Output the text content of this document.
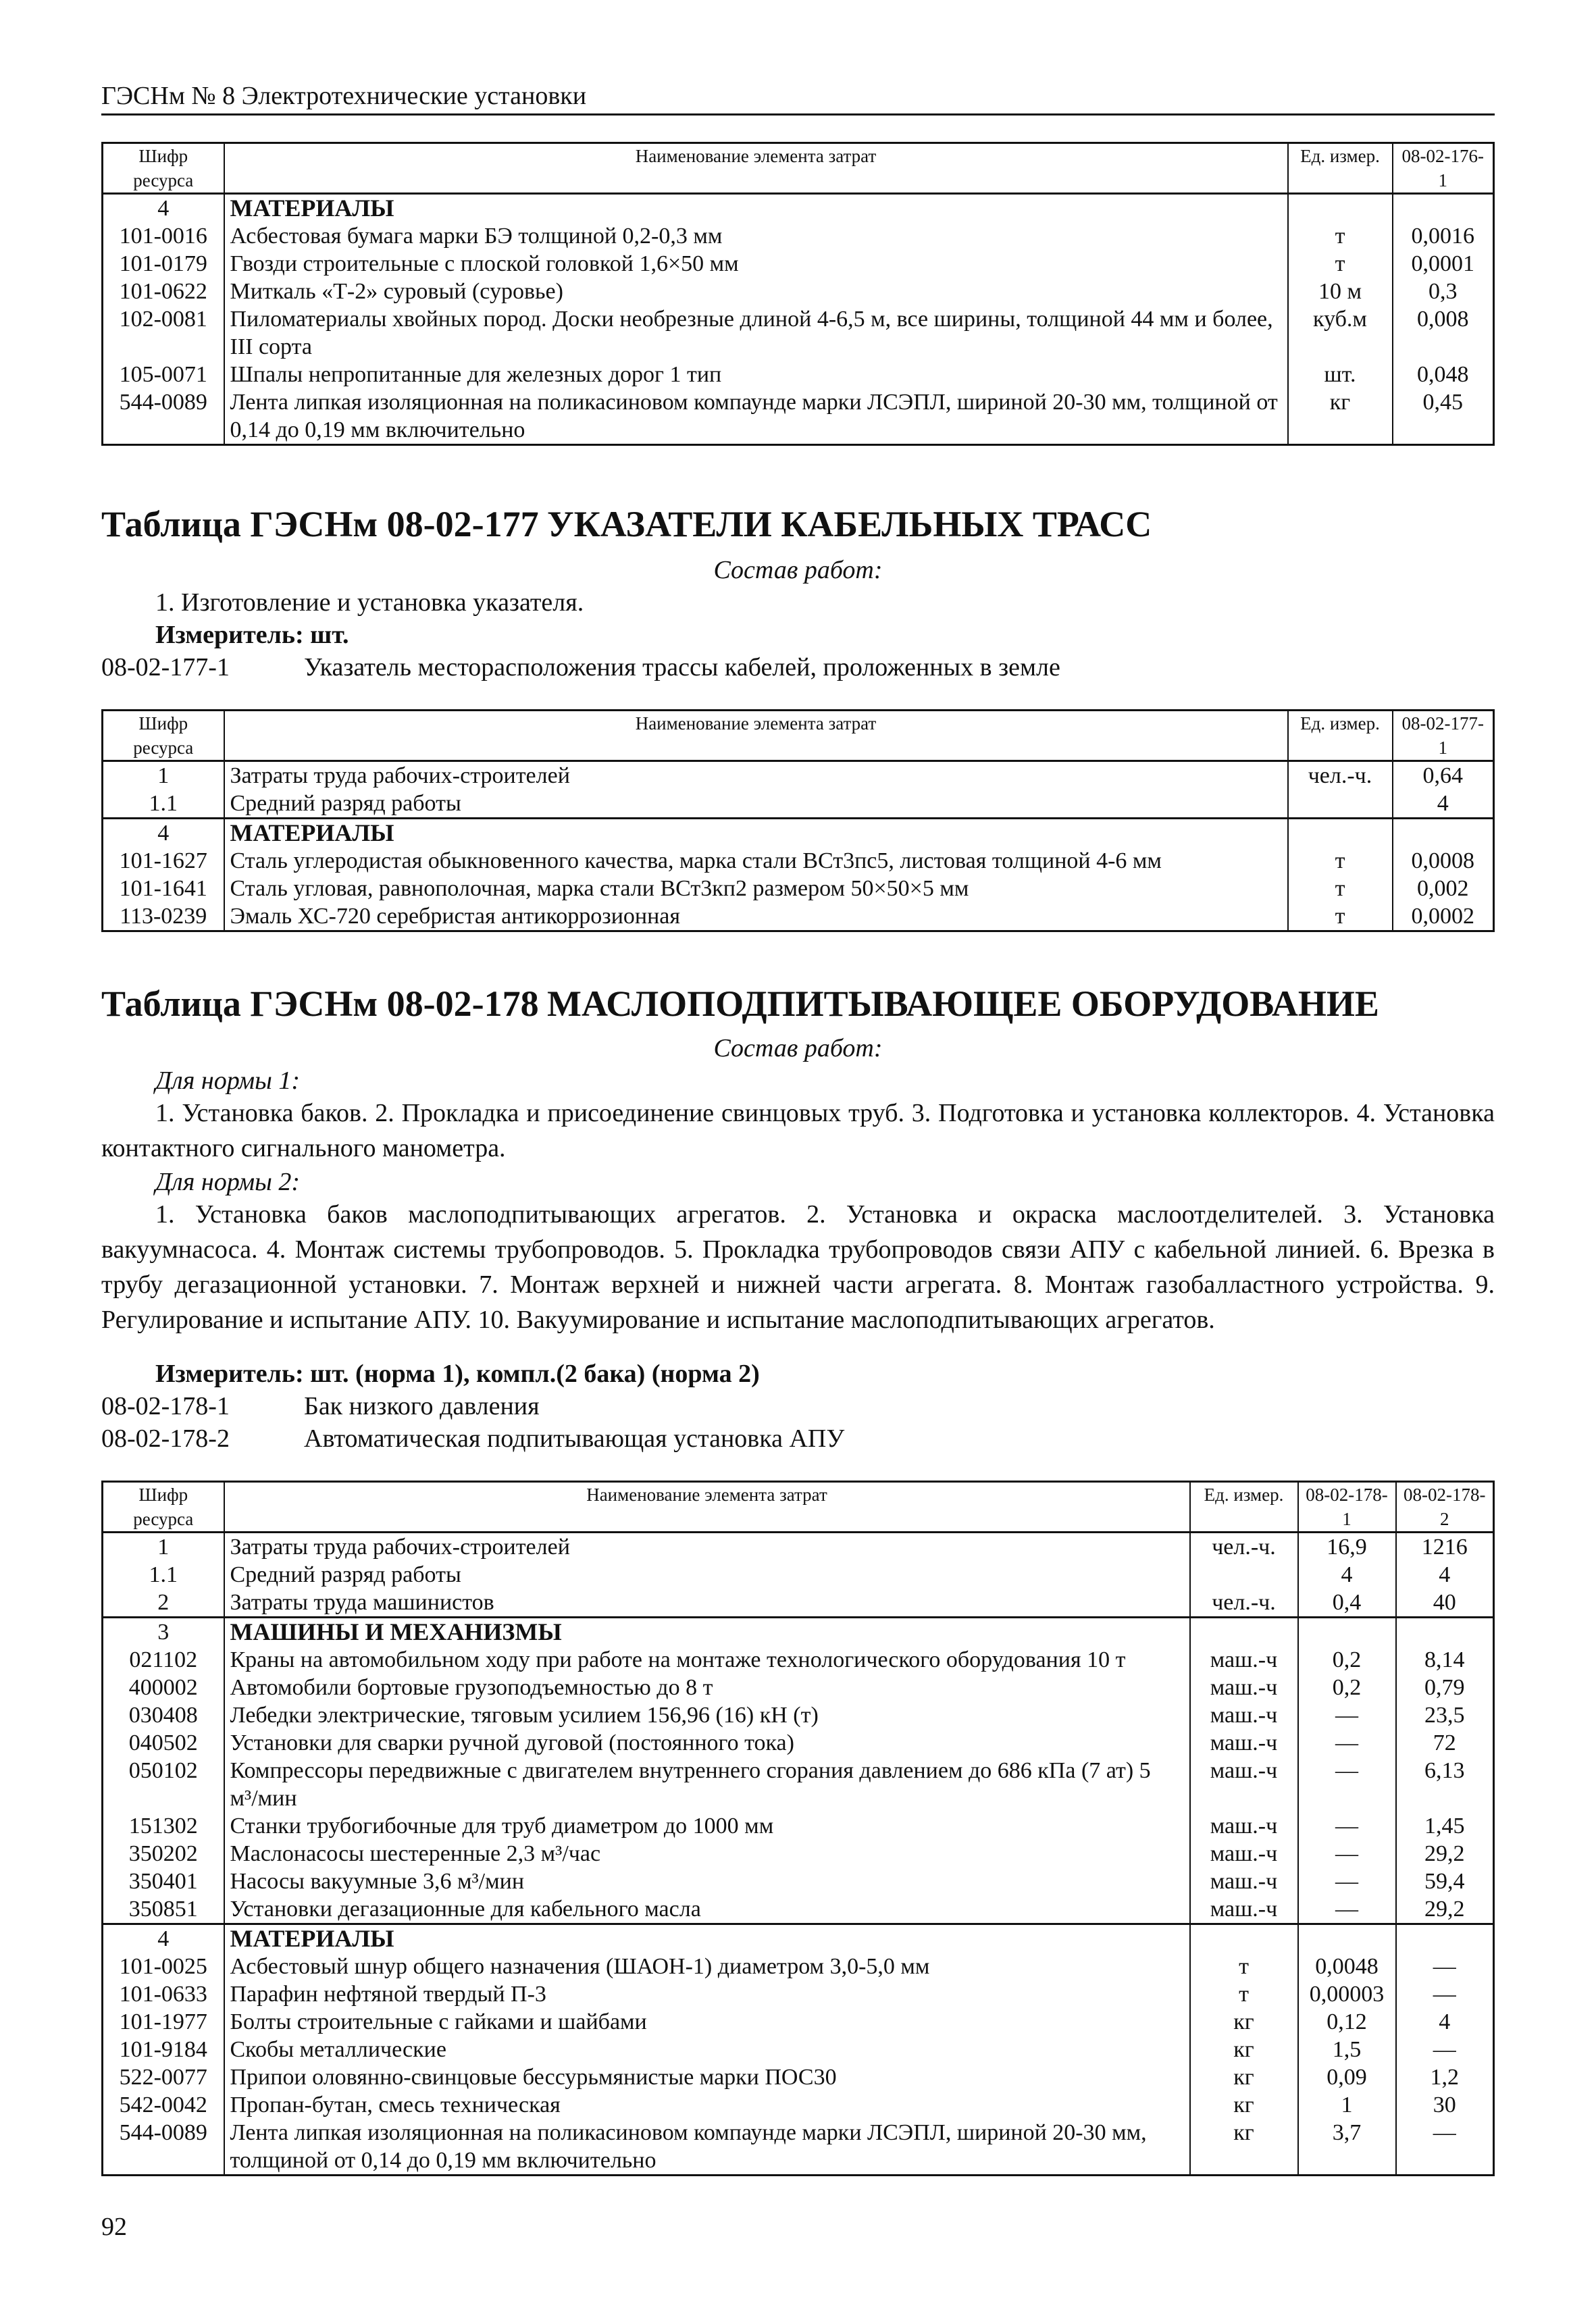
ГЭСНм № 8 Электротехнические установки
Шифр ресурса	Наименование элемента затрат	Ед. измер.	08-02-176-1
4	МАТЕРИАЛЫ		
101-0016	Асбестовая бумага марки БЭ толщиной 0,2-0,3 мм	т	0,0016
101-0179	Гвозди строительные с плоской головкой 1,6×50 мм	т	0,0001
101-0622	Миткаль «Т-2» суровый (суровье)	10 м	0,3
102-0081	Пиломатериалы хвойных пород. Доски необрезные длиной 4-6,5 м, все ширины, толщиной 44 мм и более, III сорта	куб.м	0,008
105-0071	Шпалы непропитанные для железных дорог 1 тип	шт.	0,048
544-0089	Лента липкая изоляционная на поликасиновом компаунде марки ЛСЭПЛ, шириной 20-30 мм, толщиной от 0,14 до 0,19 мм включительно	кг	0,45
Таблица ГЭСНм 08-02-177 УКАЗАТЕЛИ КАБЕЛЬНЫХ ТРАСС
Состав работ:
1. Изготовление и установка указателя.
Измеритель: шт.
08-02-177-1	Указатель месторасположения трассы кабелей, проложенных в земле
Шифр ресурса	Наименование элемента затрат	Ед. измер.	08-02-177-1
1	Затраты труда рабочих-строителей	чел.-ч.	0,64
1.1	Средний разряд работы		4
4	МАТЕРИАЛЫ		
101-1627	Сталь углеродистая обыкновенного качества, марка стали ВСт3пс5, листовая толщиной 4-6 мм	т	0,0008
101-1641	Сталь угловая, равнополочная, марка стали ВСт3кп2 размером 50×50×5 мм	т	0,002
113-0239	Эмаль ХС-720 серебристая антикоррозионная	т	0,0002
Таблица ГЭСНм 08-02-178 МАСЛОПОДПИТЫВАЮЩЕЕ ОБОРУДОВАНИЕ
Состав работ:
Для нормы 1:
1. Установка баков. 2. Прокладка и присоединение свинцовых труб. 3. Подготовка и установка коллекторов. 4. Установка контактного сигнального манометра.
Для нормы 2:
1. Установка баков маслоподпитывающих агрегатов. 2. Установка и окраска маслоотделителей. 3. Установка вакуумнасоса. 4. Монтаж системы трубопроводов. 5. Прокладка трубопроводов связи АПУ с кабельной линией. 6. Врезка в трубу дегазационной установки. 7. Монтаж верхней и нижней части агрегата. 8. Монтаж газобалластного устройства. 9. Регулирование и испытание АПУ. 10. Вакуумирование и испытание маслоподпитывающих агрегатов.
Измеритель: шт. (норма 1), компл.(2 бака) (норма 2)
08-02-178-1	Бак низкого давления
08-02-178-2	Автоматическая подпитывающая установка АПУ
Шифр ресурса	Наименование элемента затрат	Ед. измер.	08-02-178-1	08-02-178-2
1	Затраты труда рабочих-строителей	чел.-ч.	16,9	1216
1.1	Средний разряд работы		4	4
2	Затраты труда машинистов	чел.-ч.	0,4	40
3	МАШИНЫ И МЕХАНИЗМЫ			
021102	Краны на автомобильном ходу при работе на монтаже технологического оборудования 10 т	маш.-ч	0,2	8,14
400002	Автомобили бортовые грузоподъемностью до 8 т	маш.-ч	0,2	0,79
030408	Лебедки электрические, тяговым усилием 156,96 (16) кН (т)	маш.-ч	—	23,5
040502	Установки для сварки ручной дуговой (постоянного тока)	маш.-ч	—	72
050102	Компрессоры передвижные с двигателем внутреннего сгорания давлением до 686 кПа (7 ат) 5 м³/мин	маш.-ч	—	6,13
151302	Станки трубогибочные для труб диаметром до 1000 мм	маш.-ч	—	1,45
350202	Маслонасосы шестеренные 2,3 м³/час	маш.-ч	—	29,2
350401	Насосы вакуумные 3,6 м³/мин	маш.-ч	—	59,4
350851	Установки дегазационные для кабельного масла	маш.-ч	—	29,2
4	МАТЕРИАЛЫ			
101-0025	Асбестовый шнур общего назначения (ШАОН-1) диаметром 3,0-5,0 мм	т	0,0048	—
101-0633	Парафин нефтяной твердый П-3	т	0,00003	—
101-1977	Болты строительные с гайками и шайбами	кг	0,12	4
101-9184	Скобы металлические	кг	1,5	—
522-0077	Припои оловянно-свинцовые бессурьмянистые марки ПОС30	кг	0,09	1,2
542-0042	Пропан-бутан, смесь техническая	кг	1	30
544-0089	Лента липкая изоляционная на поликасиновом компаунде марки ЛСЭПЛ, шириной 20-30 мм, толщиной от 0,14 до 0,19 мм включительно	кг	3,7	—
92
